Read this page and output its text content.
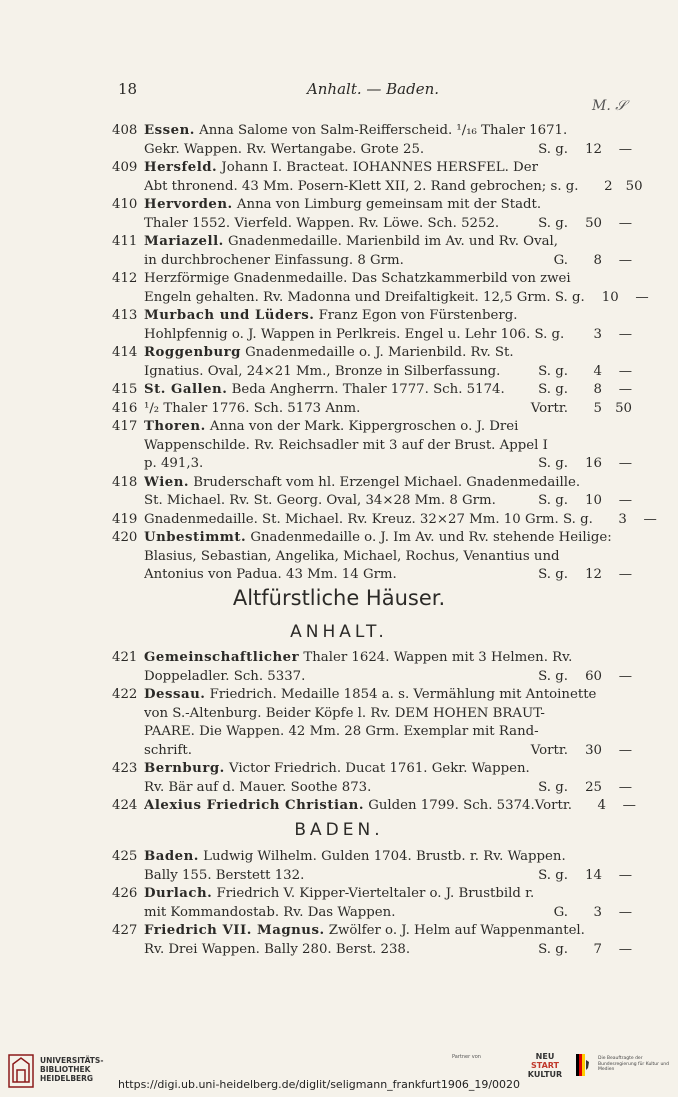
18	Anhalt. — Baden.
M. 𝒮
408 Essen. Anna Salome von Salm-Reifferscheid. ¹/₁₆ Thaler 1671.
Gekr. Wappen. Rv. Wertangabe. Grote 25.	S. g. 12 —
409 Hersfeld. Johann I. Bracteat. IOHANNES HERSFEL. Der
Abt thronend. 43 Mm. Posern-Klett XII, 2. Rand gebrochen; s. g.	2 50
410 Hervorden. Anna von Limburg gemeinsam mit der Stadt.
Thaler 1552. Vierfeld. Wappen. Rv. Löwe. Sch. 5252.	S. g. 50 —
411 Mariazell. Gnadenmedaille. Marienbild im Av. und Rv. Oval,
in durchbrochener Einfassung. 8 Grm.	G. 8 —
412 Herzförmige Gnadenmedaille. Das Schatzkammerbild von zwei
Engeln gehalten. Rv. Madonna und Dreifaltigkeit. 12,5 Grm. S. g.	10 —
413 Murbach und Lüders. Franz Egon von Fürstenberg.
Hohlpfennig o. J. Wappen in Perlkreis. Engel u. Lehr 106. S. g.	3 —
414 Roggenburg Gnadenmedaille o. J. Marienbild. Rv. St.
Ignatius. Oval, 24×21 Mm., Bronze in Silberfassung.	S. g. 4 —
415 St. Gallen. Beda Angherrn. Thaler 1777. Sch. 5174.	S. g. 8 —
416 ¹/₂ Thaler 1776. Sch. 5173 Anm.	Vortr. 5 50
417 Thoren. Anna von der Mark. Kippergroschen o. J. Drei
Wappenschilde. Rv. Reichsadler mit 3 auf der Brust. Appel I
p. 491,3.	S. g. 16 —
418 Wien. Bruderschaft vom hl. Erzengel Michael. Gnadenmedaille.
St. Michael. Rv. St. Georg. Oval, 34×28 Mm. 8 Grm.	S. g. 10 —
419 Gnadenmedaille. St. Michael. Rv. Kreuz. 32×27 Mm. 10 Grm. S. g.	3 —
420 Unbestimmt. Gnadenmedaille o. J. Im Av. und Rv. stehende Heilige:
Blasius, Sebastian, Angelika, Michael, Rochus, Venantius und
Antonius von Padua. 43 Mm. 14 Grm.	S. g. 12 —
Altfürstliche Häuser.
ANHALT.
421 Gemeinschaftlicher Thaler 1624. Wappen mit 3 Helmen. Rv.
Doppeladler. Sch. 5337.	S. g. 60 —
422 Dessau. Friedrich. Medaille 1854 a. s. Vermählung mit Antoinette
von S.-Altenburg. Beider Köpfe l. Rv. DEM HOHEN BRAUT-
PAARE. Die Wappen. 42 Mm. 28 Grm. Exemplar mit Rand-
schrift.	Vortr. 30 —
423 Bernburg. Victor Friedrich. Ducat 1761. Gekr. Wappen.
Rv. Bär auf d. Mauer. Soothe 873.	S. g. 25 —
424 Alexius Friedrich Christian. Gulden 1799. Sch. 5374. Vortr. 4 —
BADEN.
425 Baden. Ludwig Wilhelm. Gulden 1704. Brustb. r. Rv. Wappen.
Bally 155. Berstett 132.	S. g. 14 —
426 Durlach. Friedrich V. Kipper-Vierteltaler o. J. Brustbild r.
mit Kommandostab. Rv. Das Wappen.	G. 3 —
427 Friedrich VII. Magnus. Zwölfer o. J. Helm auf Wappenmantel.
Rv. Drei Wappen. Bally 280. Berst. 238.	S. g. 7 —
UNIVERSITÄTS-
BIBLIOTHEK
HEIDELBERG
Partner von	NEU
START
KULTUR
Die Beauftragte der Bundesregierung für Kultur und Medien
https://digi.ub.uni-heidelberg.de/diglit/seligmann_frankfurt1906_19/0020
